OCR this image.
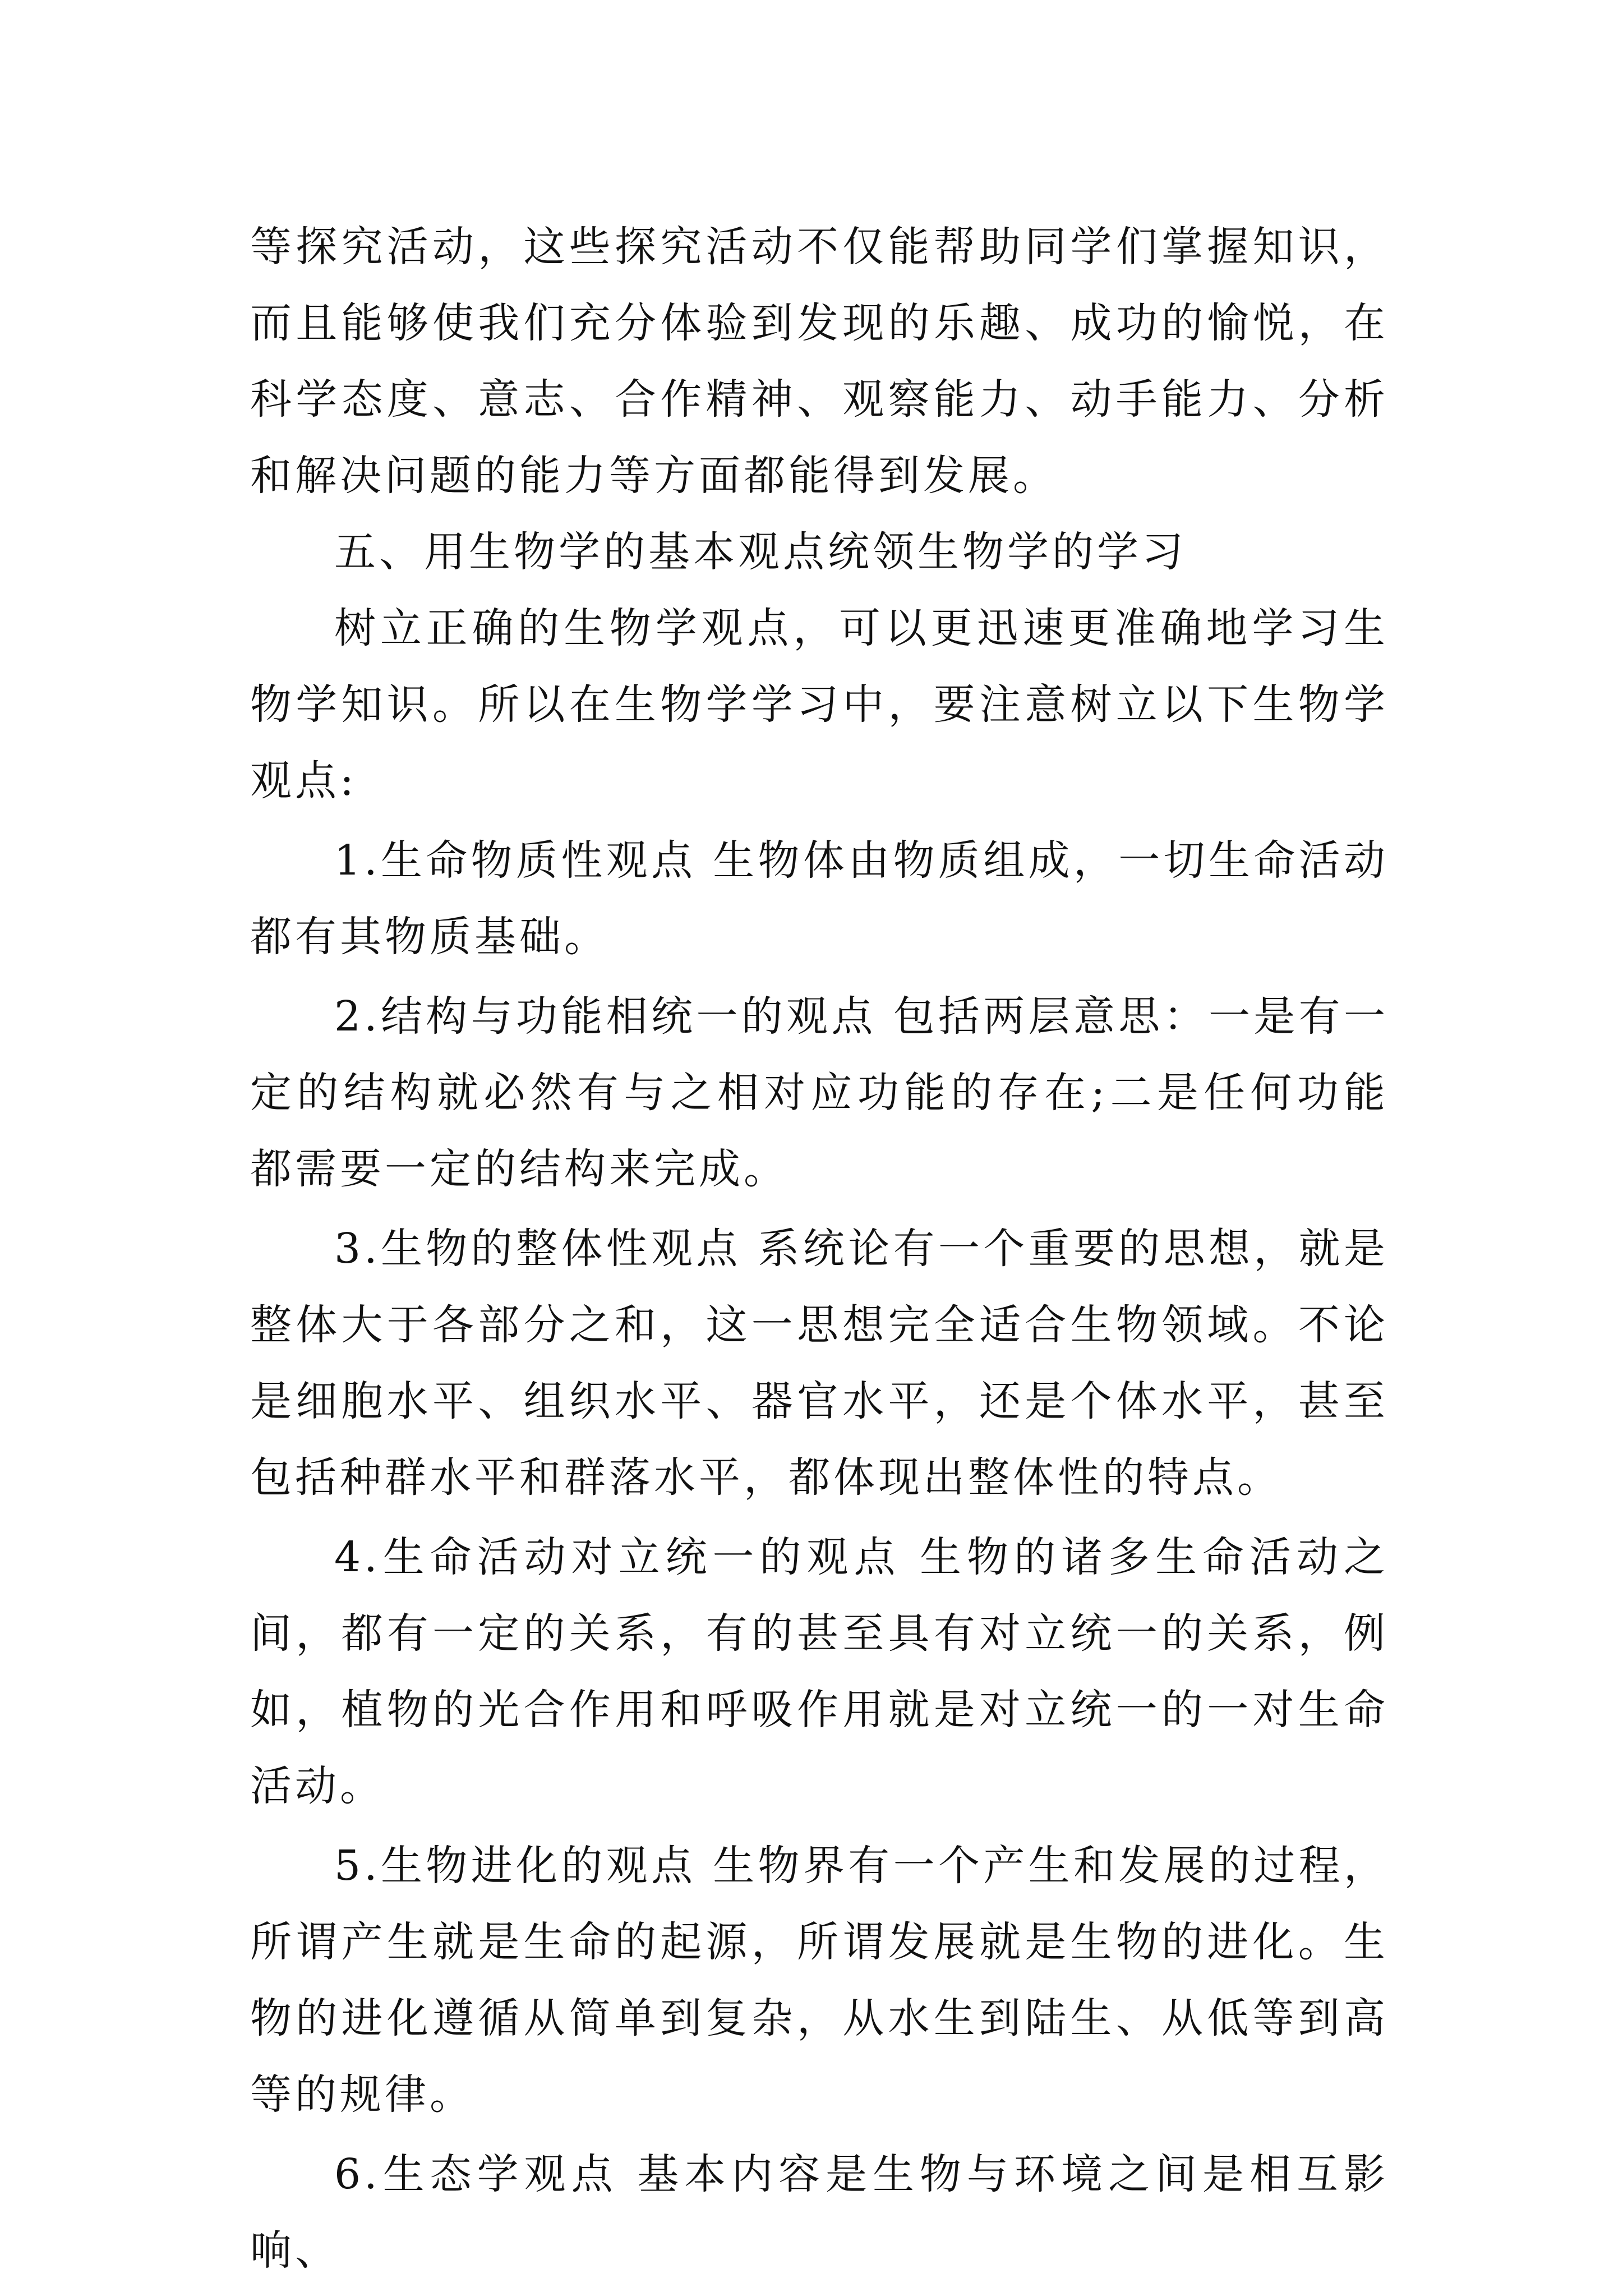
等探究活动，这些探究活动不仅能帮助同学们掌握知识，而且能够使我们充分体验到发现的乐趣、成功的愉悦，在科学态度、意志、合作精神、观察能力、动手能力、分析和解决问题的能力等方面都能得到发展。

五、用生物学的基本观点统领生物学的学习

树立正确的生物学观点，可以更迅速更准确地学习生物学知识。所以在生物学学习中，要注意树立以下生物学观点:

1.生命物质性观点 生物体由物质组成，一切生命活动都有其物质基础。

2.结构与功能相统一的观点 包括两层意思：一是有一定的结构就必然有与之相对应功能的存在;二是任何功能都需要一定的结构来完成。

3.生物的整体性观点 系统论有一个重要的思想，就是整体大于各部分之和，这一思想完全适合生物领域。不论是细胞水平、组织水平、器官水平，还是个体水平，甚至包括种群水平和群落水平，都体现出整体性的特点。

4.生命活动对立统一的观点 生物的诸多生命活动之间，都有一定的关系，有的甚至具有对立统一的关系，例如，植物的光合作用和呼吸作用就是对立统一的一对生命活动。

5.生物进化的观点 生物界有一个产生和发展的过程，所谓产生就是生命的起源，所谓发展就是生物的进化。生物的进化遵循从简单到复杂，从水生到陆生、从低等到高等的规律。

6.生态学观点 基本内容是生物与环境之间是相互影响、
